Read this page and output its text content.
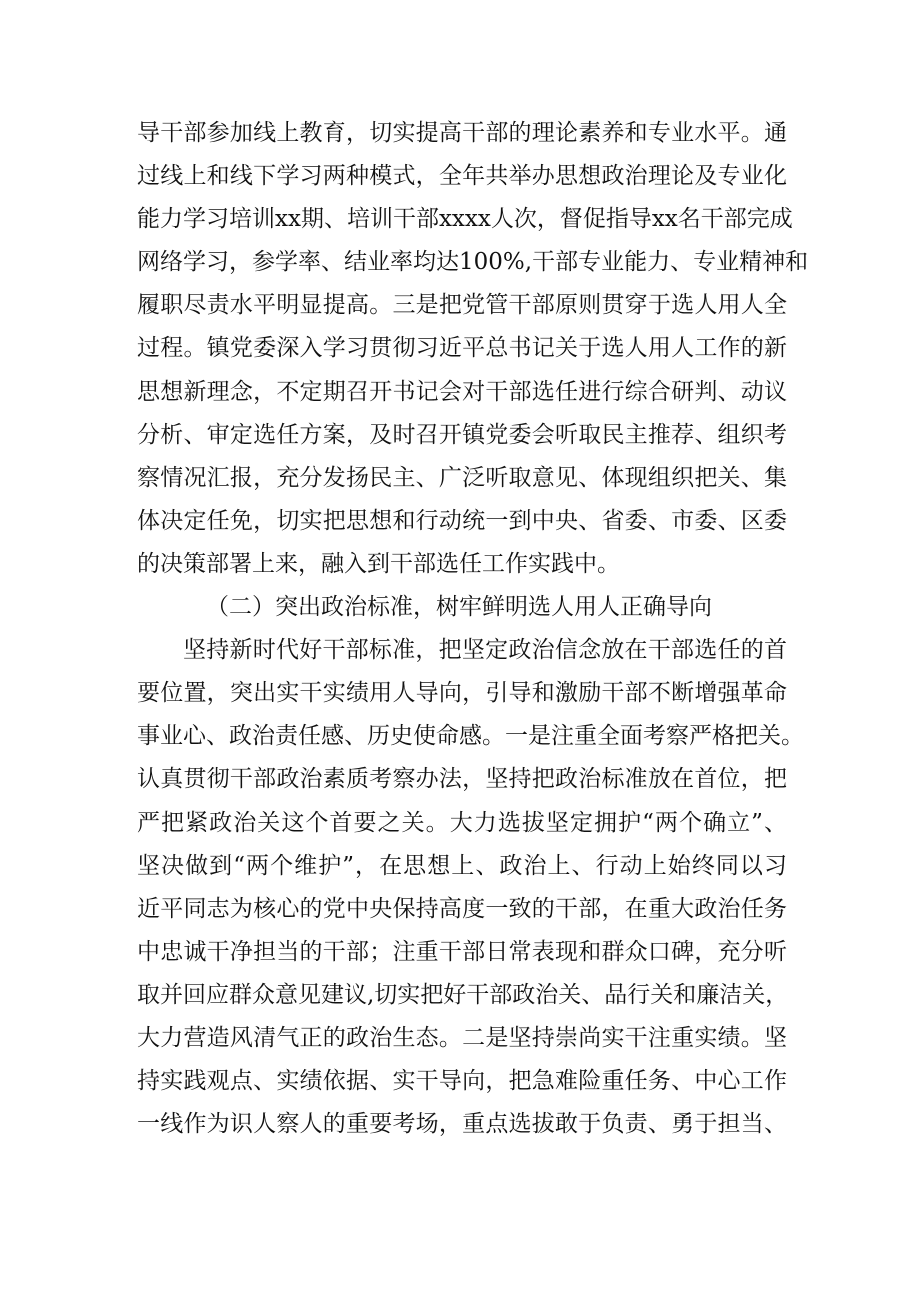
导干部参加线上教育，切实提高干部的理论素养和专业水平。通
过线上和线下学习两种模式，全年共举办思想政治理论及专业化
能力学习培训xx期、培训干部xxxx人次，督促指导xx名干部完成
网络学习，参学率、结业率均达100%,干部专业能力、专业精神和
履职尽责水平明显提高。三是把党管干部原则贯穿于选人用人全
过程。镇党委深入学习贯彻习近平总书记关于选人用人工作的新
思想新理念，不定期召开书记会对干部选任进行综合研判、动议
分析、审定选任方案，及时召开镇党委会听取民主推荐、组织考
察情况汇报，充分发扬民主、广泛听取意见、体现组织把关、集
体决定任免，切实把思想和行动统一到中央、省委、市委、区委
的决策部署上来，融入到干部选任工作实践中。
（二）突出政治标准，树牢鲜明选人用人正确导向
坚持新时代好干部标准，把坚定政治信念放在干部选任的首
要位置，突出实干实绩用人导向，引导和激励干部不断增强革命
事业心、政治责任感、历史使命感。一是注重全面考察严格把关。
认真贯彻干部政治素质考察办法，坚持把政治标准放在首位，把
严把紧政治关这个首要之关。大力选拔坚定拥护“两个确立”、
坚决做到“两个维护”，在思想上、政治上、行动上始终同以习
近平同志为核心的党中央保持高度一致的干部，在重大政治任务
中忠诚干净担当的干部；注重干部日常表现和群众口碑，充分听
取并回应群众意见建议,切实把好干部政治关、品行关和廉洁关，
大力营造风清气正的政治生态。二是坚持崇尚实干注重实绩。坚
持实践观点、实绩依据、实干导向，把急难险重任务、中心工作
一线作为识人察人的重要考场，重点选拔敢于负责、勇于担当、
